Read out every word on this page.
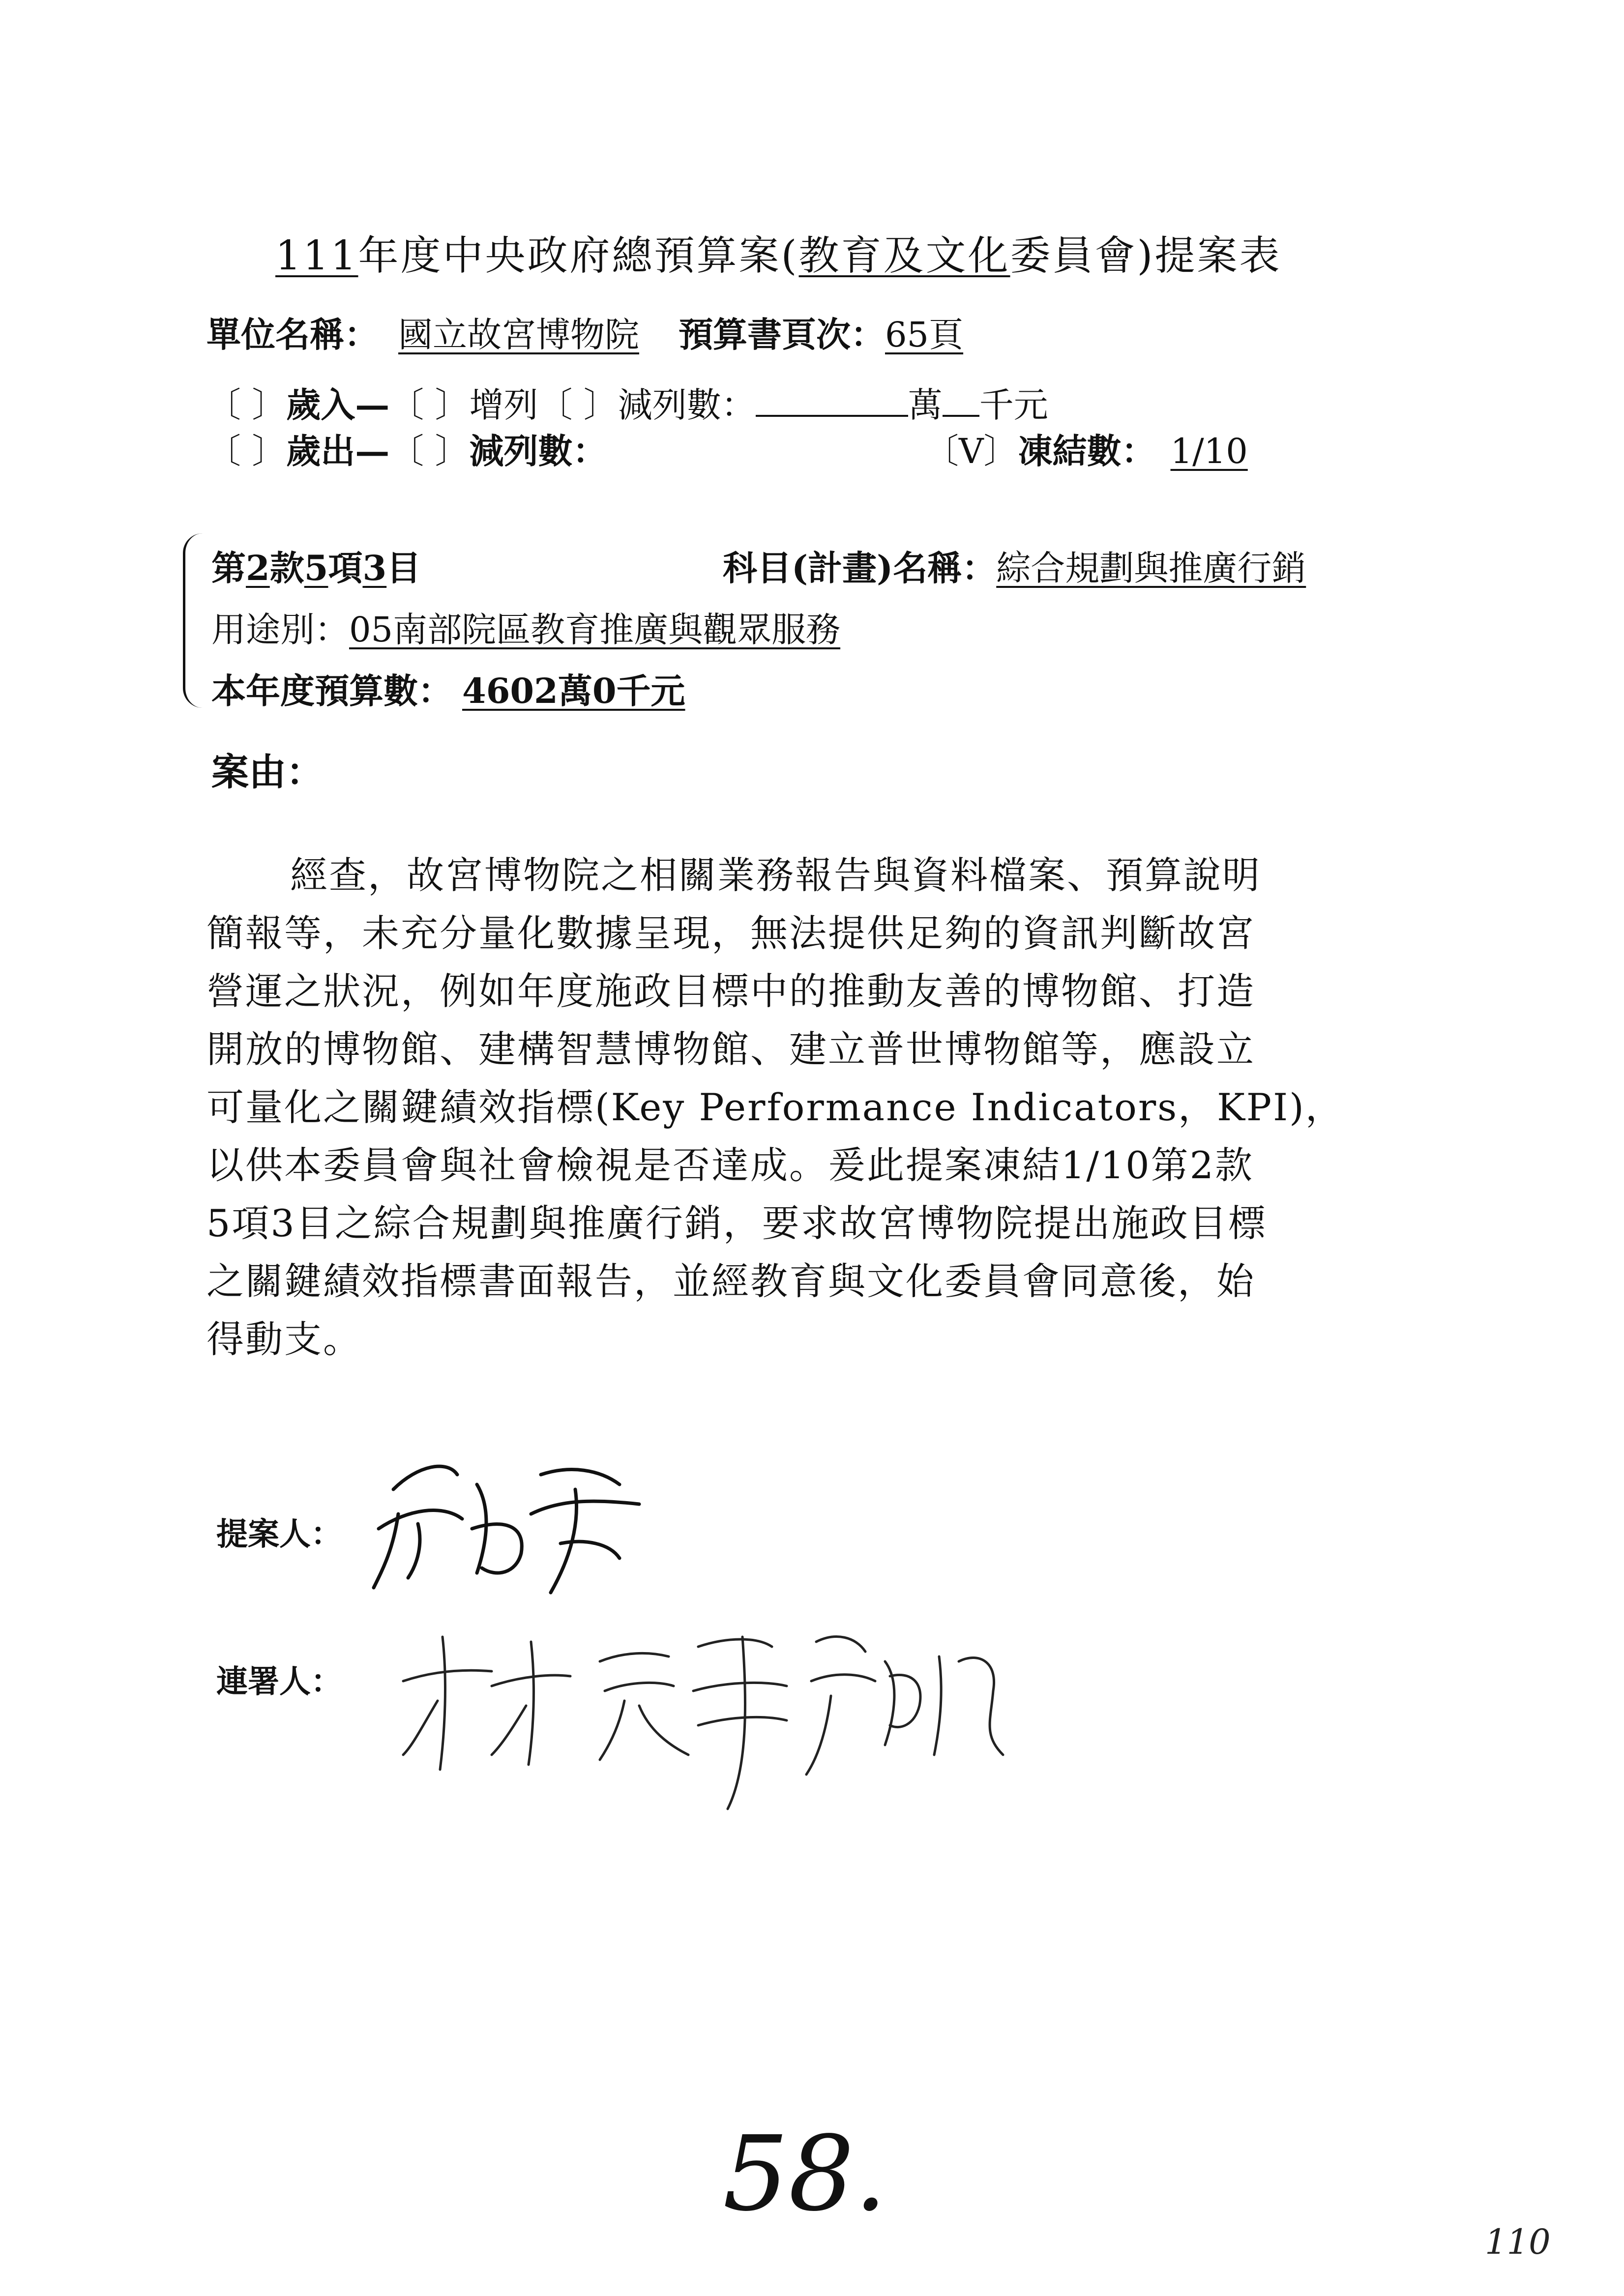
111年度中央政府總預算案(教育及文化委員會)提案表
單位名稱： 國立故宮博物院 預算書頁次：65頁
〔 〕歲入—〔 〕增列〔 〕減列數：	萬 千元
〔 〕歲出—〔 〕減列數：	〔V〕凍結數： 1/10
第2款5項3目	科目(計畫)名稱：綜合規劃與推廣行銷
用途別：05南部院區教育推廣與觀眾服務
本年度預算數： 4602萬0千元
案由：
經查，故宮博物院之相關業務報告與資料檔案、預算說明
簡報等，未充分量化數據呈現，無法提供足夠的資訊判斷故宮
營運之狀況，例如年度施政目標中的推動友善的博物館、打造
開放的博物館、建構智慧博物館、建立普世博物館等，應設立
可量化之關鍵績效指標(Key Performance Indicators，KPI)，
以供本委員會與社會檢視是否達成。爰此提案凍結1/10第2款
5項3目之綜合規劃與推廣行銷，要求故宮博物院提出施政目標
之關鍵績效指標書面報告，並經教育與文化委員會同意後，始
得動支。
提案人：
連署人：
58.
110
